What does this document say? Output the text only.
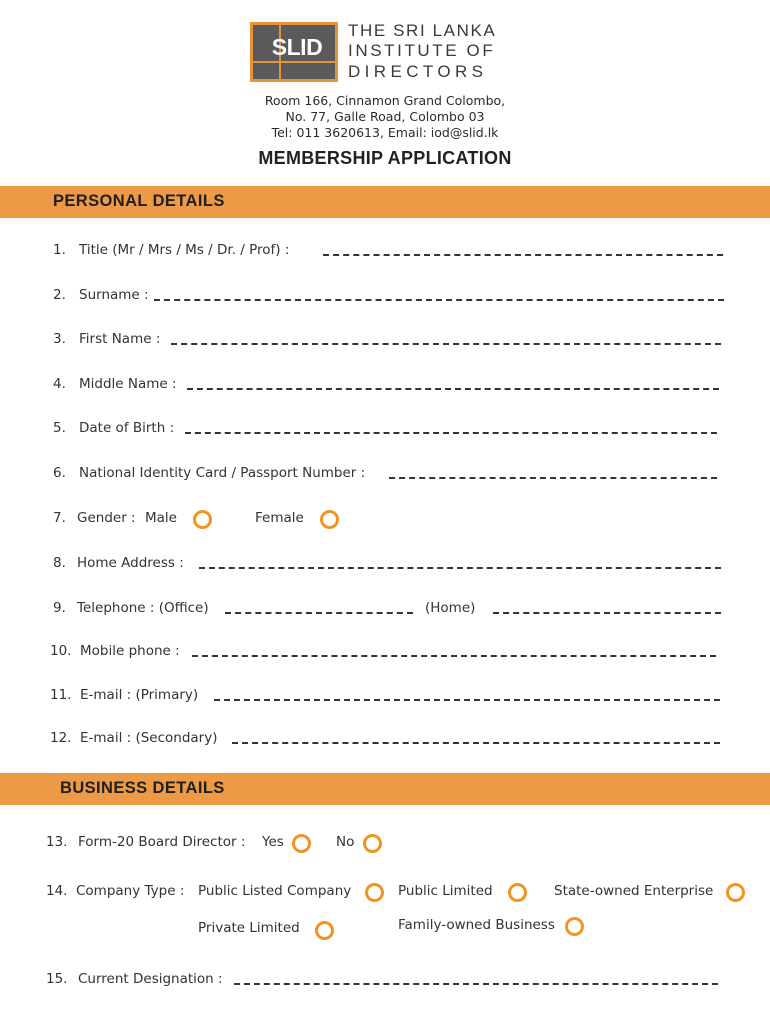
SLID
THE SRI LANKA
INSTITUTE OF
DIRECTORS
Room 166, Cinnamon Grand Colombo,
No. 77, Galle Road, Colombo 03
Tel: 011 3620613, Email: iod@slid.lk
MEMBERSHIP APPLICATION
PERSONAL DETAILS
1. Title (Mr / Mrs / Ms / Dr. / Prof) :
2. Surname :
3. First Name :
4. Middle Name :
5. Date of Birth :
6. National Identity Card / Passport Number :
7. Gender : Male	Female
8. Home Address :
9. Telephone : (Office)	(Home)
10. Mobile phone :
11. E-mail : (Primary)
12. E-mail : (Secondary)
BUSINESS DETAILS
13. Form-20 Board Director : Yes	No
14. Company Type : Public Listed Company	Public Limited	State-owned Enterprise
Private Limited	Family-owned Business
15. Current Designation :
